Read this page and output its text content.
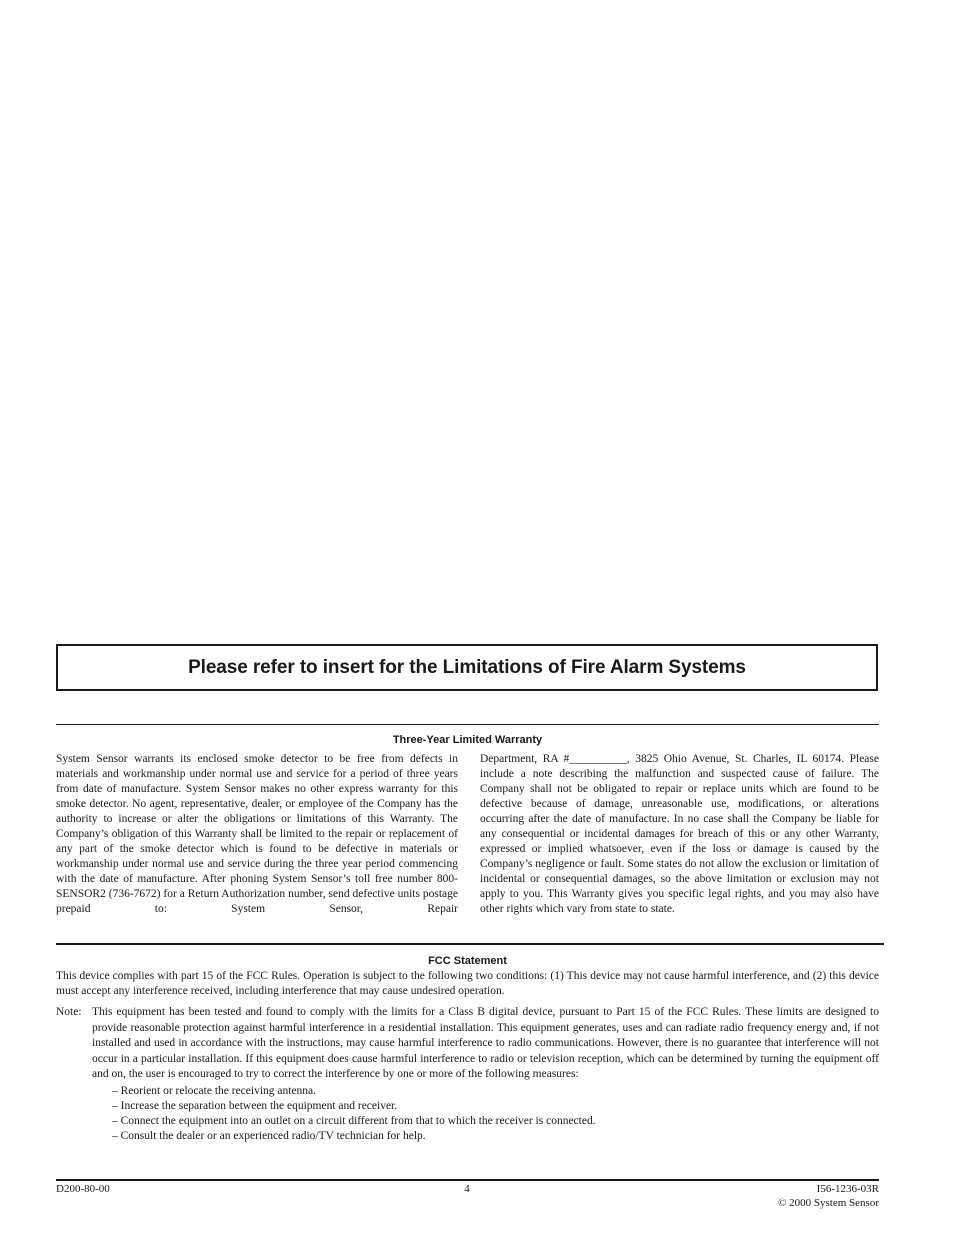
Please refer to insert for the Limitations of Fire Alarm Systems
Three-Year Limited Warranty
System Sensor warrants its enclosed smoke detector to be free from defects in materials and workmanship under normal use and service for a period of three years from date of manufacture. System Sensor makes no other express warranty for this smoke detector. No agent, representative, dealer, or employee of the Company has the authority to increase or alter the obligations or limitations of this Warranty. The Company’s obligation of this Warranty shall be limited to the repair or replacement of any part of the smoke detector which is found to be defective in materials or workmanship under normal use and service during the three year period commencing with the date of manufacture. After phoning System Sensor’s toll free number 800-SENSOR2 (736-7672) for a Return Authorization number, send defective units postage prepaid to: System Sensor, Repair
Department, RA #__________, 3825 Ohio Avenue, St. Charles, IL 60174. Please include a note describing the malfunction and suspected cause of failure. The Company shall not be obligated to repair or replace units which are found to be defective because of damage, unreasonable use, modifications, or alterations occurring after the date of manufacture. In no case shall the Company be liable for any consequential or incidental damages for breach of this or any other Warranty, expressed or implied whatsoever, even if the loss or damage is caused by the Company’s negligence or fault. Some states do not allow the exclusion or limitation of incidental or consequential damages, so the above limitation or exclusion may not apply to you. This Warranty gives you specific legal rights, and you may also have other rights which vary from state to state.
FCC Statement
This device complies with part 15 of the FCC Rules. Operation is subject to the following two conditions: (1) This device may not cause harmful interference, and (2) this device must accept any interference received, including interference that may cause undesired operation.
Note: This equipment has been tested and found to comply with the limits for a Class B digital device, pursuant to Part 15 of the FCC Rules. These limits are designed to provide reasonable protection against harmful interference in a residential installation. This equipment generates, uses and can radiate radio frequency energy and, if not installed and used in accordance with the instructions, may cause harmful interference to radio communications. However, there is no guarantee that interference will not occur in a particular installation. If this equipment does cause harmful interference to radio or television reception, which can be determined by turning the equipment off and on, the user is encouraged to try to correct the interference by one or more of the following measures:
– Reorient or relocate the receiving antenna.
– Increase the separation between the equipment and receiver.
– Connect the equipment into an outlet on a circuit different from that to which the receiver is connected.
– Consult the dealer or an experienced radio/TV technician for help.
D200-80-00	4	I56-1236-03R
© 2000 System Sensor
